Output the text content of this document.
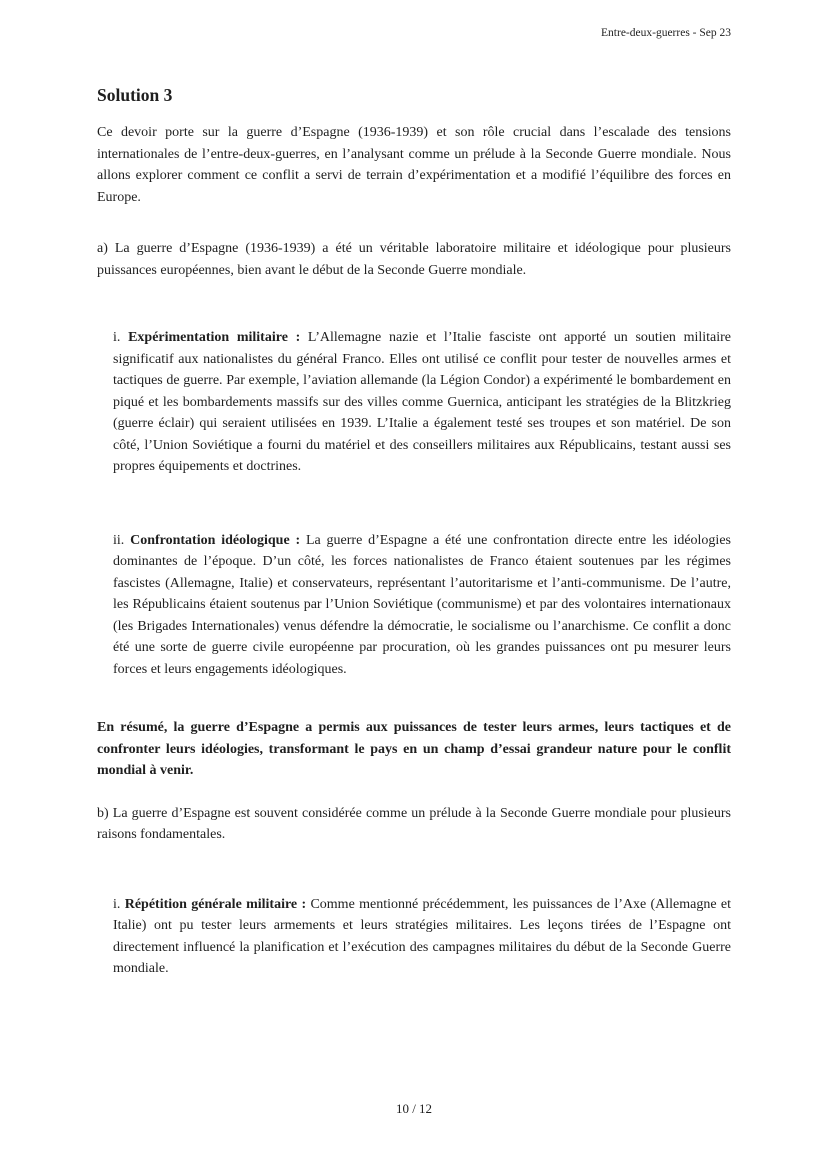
Entre-deux-guerres - Sep 23
Solution 3

Ce devoir porte sur la guerre d’Espagne (1936-1939) et son rôle crucial dans l’escalade des tensions internationales de l’entre-deux-guerres, en l’analysant comme un prélude à la Seconde Guerre mondiale. Nous allons explorer comment ce conflit a servi de terrain d’expérimentation et a modifié l’équilibre des forces en Europe.

a) La guerre d’Espagne (1936-1939) a été un véritable laboratoire militaire et idéologique pour plusieurs puissances européennes, bien avant le début de la Seconde Guerre mondiale.

i. Expérimentation militaire : L’Allemagne nazie et l’Italie fasciste ont apporté un soutien militaire significatif aux nationalistes du général Franco. Elles ont utilisé ce conflit pour tester de nouvelles armes et tactiques de guerre. Par exemple, l’aviation allemande (la Légion Condor) a expérimenté le bombardement en piqué et les bombardements massifs sur des villes comme Guernica, anticipant les stratégies de la Blitzkrieg (guerre éclair) qui seraient utilisées en 1939. L’Italie a également testé ses troupes et son matériel. De son côté, l’Union Soviétique a fourni du matériel et des conseillers militaires aux Républicains, testant aussi ses propres équipements et doctrines.

ii. Confrontation idéologique : La guerre d’Espagne a été une confrontation directe entre les idéologies dominantes de l’époque. D’un côté, les forces nationalistes de Franco étaient soutenues par les régimes fascistes (Allemagne, Italie) et conservateurs, représentant l’autoritarisme et l’anti-communisme. De l’autre, les Républicains étaient soutenus par l’Union Soviétique (communisme) et par des volontaires internationaux (les Brigades Internationales) venus défendre la démocratie, le socialisme ou l’anarchisme. Ce conflit a donc été une sorte de guerre civile européenne par procuration, où les grandes puissances ont pu mesurer leurs forces et leurs engagements idéologiques.

En résumé, la guerre d’Espagne a permis aux puissances de tester leurs armes, leurs tactiques et de confronter leurs idéologies, transformant le pays en un champ d’essai grandeur nature pour le conflit mondial à venir.

b) La guerre d’Espagne est souvent considérée comme un prélude à la Seconde Guerre mondiale pour plusieurs raisons fondamentales.

i. Répétition générale militaire : Comme mentionné précédemment, les puissances de l’Axe (Allemagne et Italie) ont pu tester leurs armements et leurs stratégies militaires. Les leçons tirées de l’Espagne ont directement influencé la planification et l’exécution des campagnes militaires du début de la Seconde Guerre mondiale.

10 / 12
